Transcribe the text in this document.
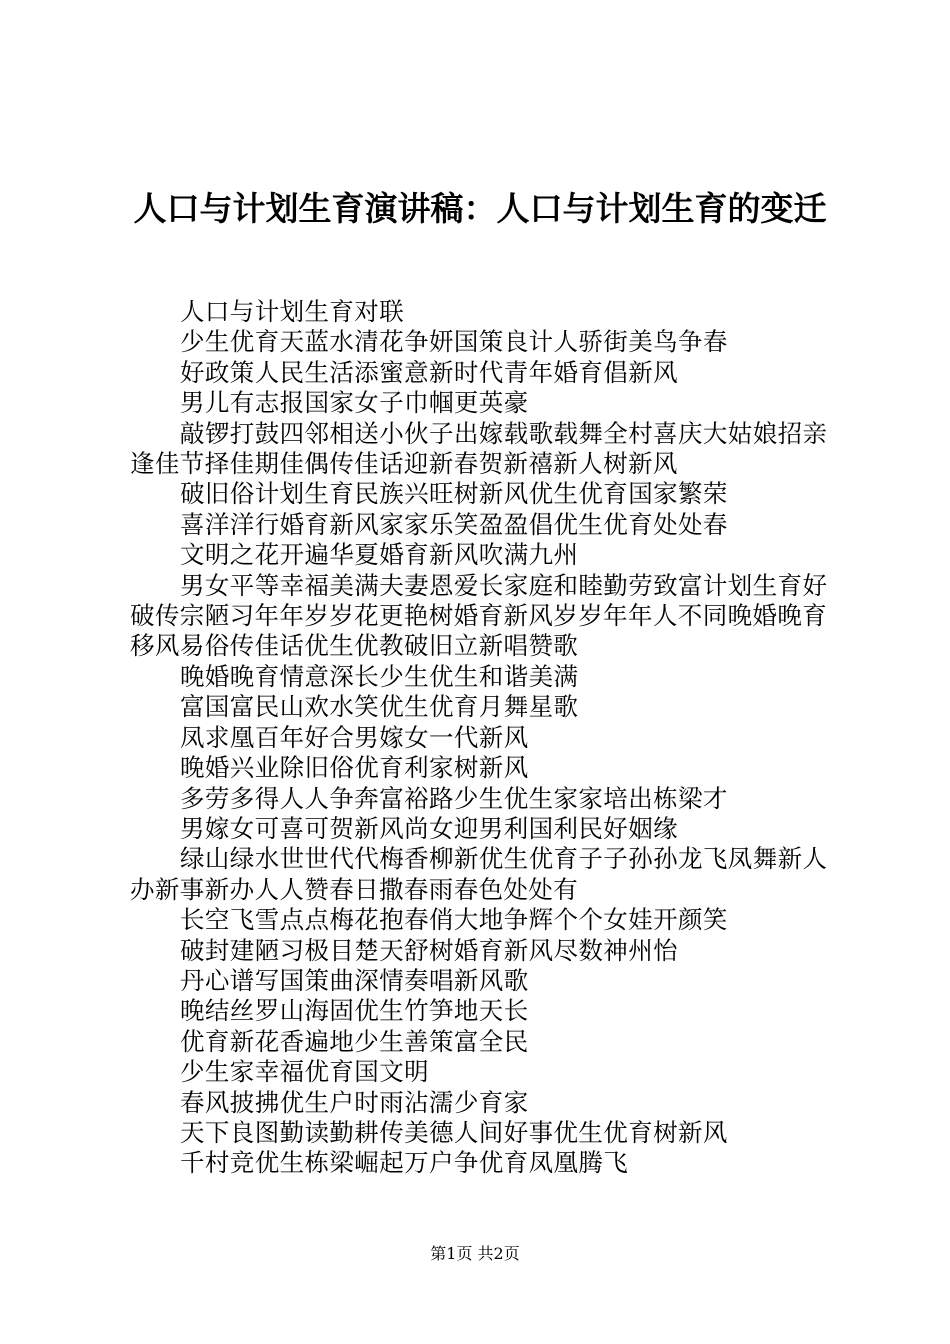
人口与计划生育演讲稿：人口与计划生育的变迁

人口与计划生育对联

少生优育天蓝水清花争妍国策良计人骄街美鸟争春

好政策人民生活添蜜意新时代青年婚育倡新风

男儿有志报国家女子巾帼更英豪

敲锣打鼓四邻相送小伙子出嫁载歌载舞全村喜庆大姑娘招亲逢佳节择佳期佳偶传佳话迎新春贺新禧新人树新风

破旧俗计划生育民族兴旺树新风优生优育国家繁荣

喜洋洋行婚育新风家家乐笑盈盈倡优生优育处处春

文明之花开遍华夏婚育新风吹满九州

男女平等幸福美满夫妻恩爱长家庭和睦勤劳致富计划生育好破传宗陋习年年岁岁花更艳树婚育新风岁岁年年人不同晚婚晚育移风易俗传佳话优生优教破旧立新唱赞歌

晚婚晚育情意深长少生优生和谐美满

富国富民山欢水笑优生优育月舞星歌

凤求凰百年好合男嫁女一代新风

晚婚兴业除旧俗优育利家树新风

多劳多得人人争奔富裕路少生优生家家培出栋梁才

男嫁女可喜可贺新风尚女迎男利国利民好姻缘

绿山绿水世世代代梅香柳新优生优育子子孙孙龙飞凤舞新人办新事新办人人赞春日撒春雨春色处处有

长空飞雪点点梅花抱春俏大地争辉个个女娃开颜笑

破封建陋习极目楚天舒树婚育新风尽数神州怡

丹心谱写国策曲深情奏唱新风歌

晚结丝罗山海固优生竹笋地天长

优育新花香遍地少生善策富全民

少生家幸福优育国文明

春风披拂优生户时雨沾濡少育家

天下良图勤读勤耕传美德人间好事优生优育树新风

千村竞优生栋梁崛起万户争优育凤凰腾飞

第1页 共2页
